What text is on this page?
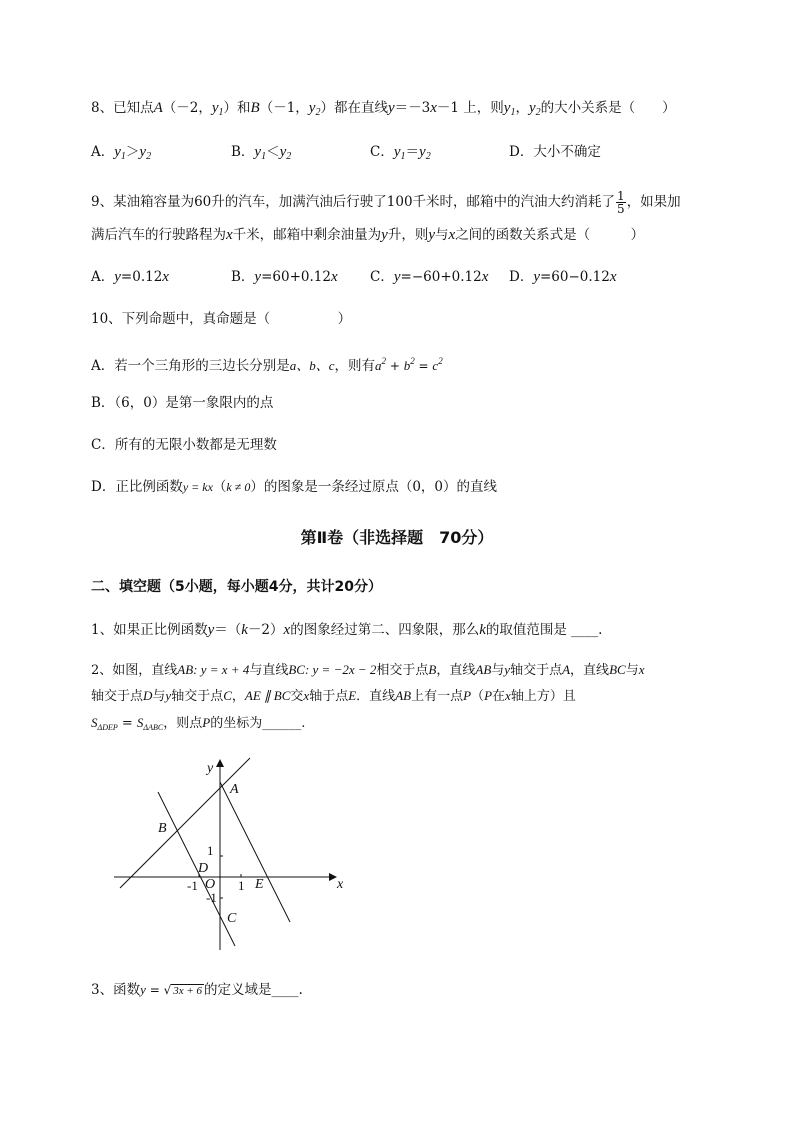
8、已知点A（－2，$y_1$）和B（－1，$y_2$）都在直线y＝－3x－1 上，则$y_1$，$y_2$的大小关系是（　　）
A．$y_1>y_2$	B．$y_1<y_2$	C．$y_1=y_2$	D．大小不确定
9、某油箱容量为60升的汽车，加满汽油后行驶了100千米时，邮箱中的汽油大约消耗了 $\frac{1}{5}$ ，如果加
满后汽车的行驶路程为x千米，邮箱中剩余油量为y升，则y与x之间的函数关系式是（　　　）
A．y=0.12x	B．y=60+0.12x C．y=−60+0.12x D．y=60−0.12x
10、下列命题中，真命题是（　　　　　）
A．若一个三角形的三边长分别是a、b、c，则有$a^2 + b^2 = c^2$
B．（6，0）是第一象限内的点
C．所有的无限小数都是无理数
D．正比例函数y = kx（k ≠ 0）的图象是一条经过原点（0，0）的直线
第Ⅱ卷（非选择题　70分）
二、填空题（5小题，每小题4分，共计20分）
1、如果正比例函数y＝（k－2）x的图象经过第二、四象限，那么k的取值范围是 ____.
2、如图，直线AB: y = x + 4与直线BC: y = −2x − 2相交于点B，直线AB与y轴交于点A，直线BC与x
轴交于点D与y轴交于点C，AE ∥ BC交x轴于点E．直线AB上有一点P（P在x轴上方）且
$S_{\Delta DEP} = S_{\Delta ABC}$，则点P的坐标为______.
y
A
B
D
O	E	x
C
1
-1
-1
1
3、函数y = √ 3x + 6 的定义域是____.
